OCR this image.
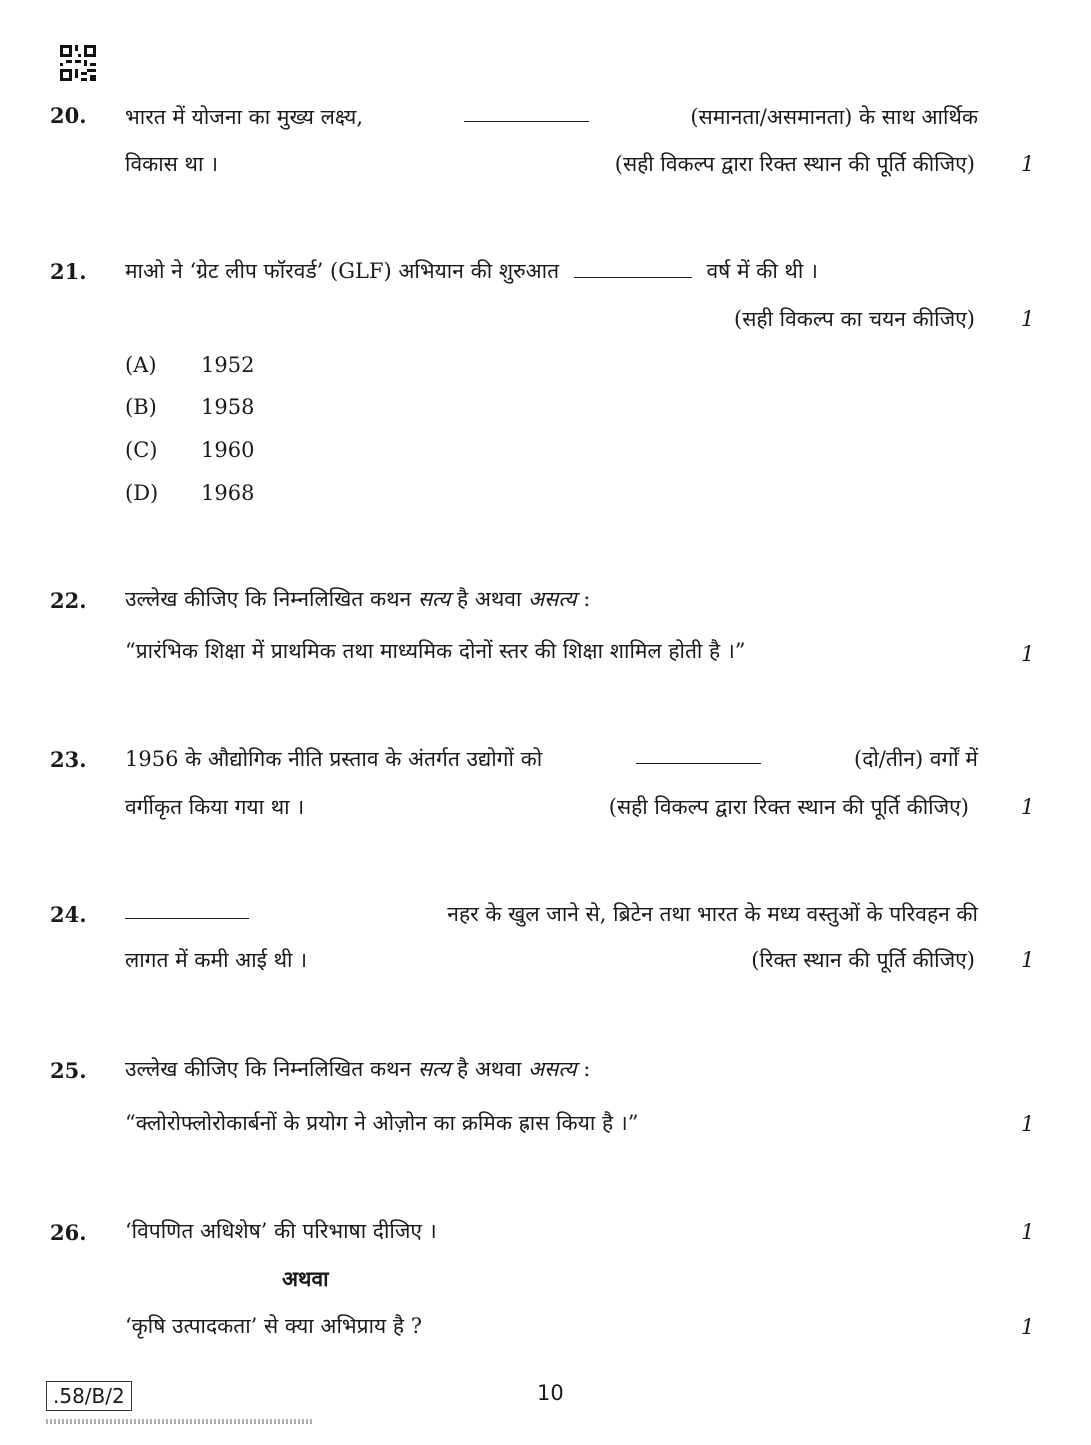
20. भारत में योजना का मुख्य लक्ष्य,	(समानता/असमानता) के साथ आर्थिक
विकास था ।	(सही विकल्प द्वारा रिक्त स्थान की पूर्ति कीजिए) 1
21. माओ ने ‘ग्रेट लीप फॉरवर्ड’ (GLF) अभियान की शुरुआत	वर्ष में की थी ।
(सही विकल्प का चयन कीजिए) 1
(A) 1952
(B) 1958
(C) 1960
(D) 1968
22. उल्लेख कीजिए कि निम्नलिखित कथन सत्य है अथवा असत्य :
“प्रारंभिक शिक्षा में प्राथमिक तथा माध्यमिक दोनों स्तर की शिक्षा शामिल होती है ।”	1
23. 1956 के औद्योगिक नीति प्रस्ताव के अंतर्गत उद्योगों को	(दो/तीन) वर्गों में
वर्गीकृत किया गया था ।	(सही विकल्प द्वारा रिक्त स्थान की पूर्ति कीजिए) 1
24.	नहर के खुल जाने से, ब्रिटेन तथा भारत के मध्य वस्तुओं के परिवहन की
लागत में कमी आई थी ।	(रिक्त स्थान की पूर्ति कीजिए) 1
25. उल्लेख कीजिए कि निम्नलिखित कथन सत्य है अथवा असत्य :
“क्लोरोफ्लोरोकार्बनों के प्रयोग ने ओज़ोन का क्रमिक ह्रास किया है ।”	1
26. ‘विपणित अधिशेष’ की परिभाषा दीजिए ।	1
अथवा
‘कृषि उत्पादकता’ से क्या अभिप्राय है ?	1
.58/B/2	10
